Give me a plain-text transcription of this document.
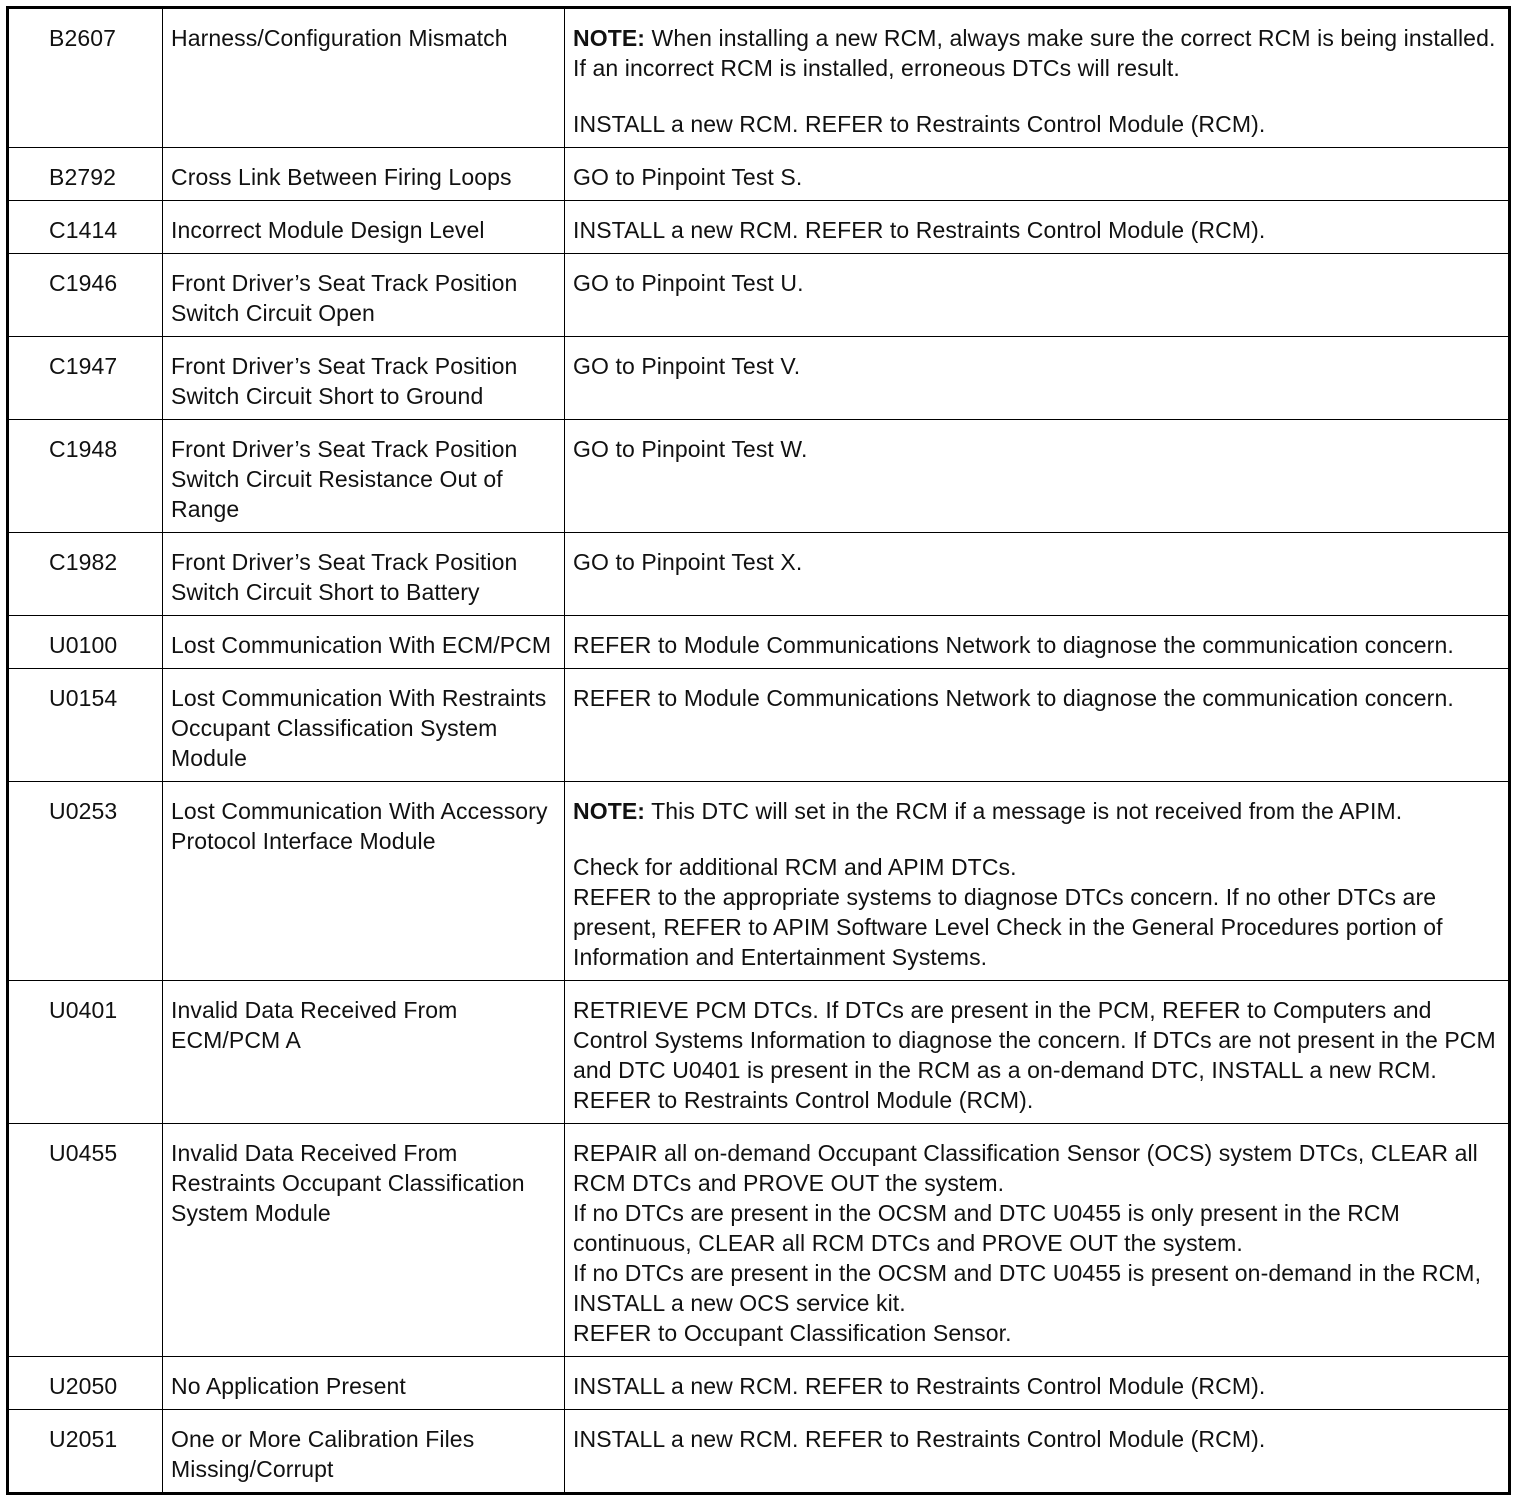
B2607	Harness/Configuration Mismatch	NOTE: When installing a new RCM, always make sure the correct RCM is being installed. If an incorrect RCM is installed, erroneous DTCs will result.
INSTALL a new RCM. REFER to Restraints Control Module (RCM).

B2792	Cross Link Between Firing Loops	GO to Pinpoint Test S.

C1414	Incorrect Module Design Level	INSTALL a new RCM. REFER to Restraints Control Module (RCM).

C1946	Front Driver’s Seat Track Position Switch Circuit Open	GO to Pinpoint Test U.

C1947	Front Driver’s Seat Track Position Switch Circuit Short to Ground	GO to Pinpoint Test V.

C1948	Front Driver’s Seat Track Position Switch Circuit Resistance Out of Range	GO to Pinpoint Test W.

C1982	Front Driver’s Seat Track Position Switch Circuit Short to Battery	GO to Pinpoint Test X.

U0100	Lost Communication With ECM/PCM	REFER to Module Communications Network to diagnose the communication concern.

U0154	Lost Communication With Restraints Occupant Classification System Module	REFER to Module Communications Network to diagnose the communication concern.

U0253	Lost Communication With Accessory Protocol Interface Module	NOTE: This DTC will set in the RCM if a message is not received from the APIM.
Check for additional RCM and APIM DTCs.
REFER to the appropriate systems to diagnose DTCs concern. If no other DTCs are present, REFER to APIM Software Level Check in the General Procedures portion of Information and Entertainment Systems.

U0401	Invalid Data Received From ECM/PCM A	RETRIEVE PCM DTCs. If DTCs are present in the PCM, REFER to Computers and Control Systems Information to diagnose the concern. If DTCs are not present in the PCM and DTC U0401 is present in the RCM as a on-demand DTC, INSTALL a new RCM. REFER to Restraints Control Module (RCM).

U0455	Invalid Data Received From Restraints Occupant Classification System Module	REPAIR all on-demand Occupant Classification Sensor (OCS) system DTCs, CLEAR all RCM DTCs and PROVE OUT the system.
If no DTCs are present in the OCSM and DTC U0455 is only present in the RCM continuous, CLEAR all RCM DTCs and PROVE OUT the system.
If no DTCs are present in the OCSM and DTC U0455 is present on-demand in the RCM, INSTALL a new OCS service kit.
REFER to Occupant Classification Sensor.

U2050	No Application Present	INSTALL a new RCM. REFER to Restraints Control Module (RCM).

U2051	One or More Calibration Files Missing/Corrupt	INSTALL a new RCM. REFER to Restraints Control Module (RCM).
